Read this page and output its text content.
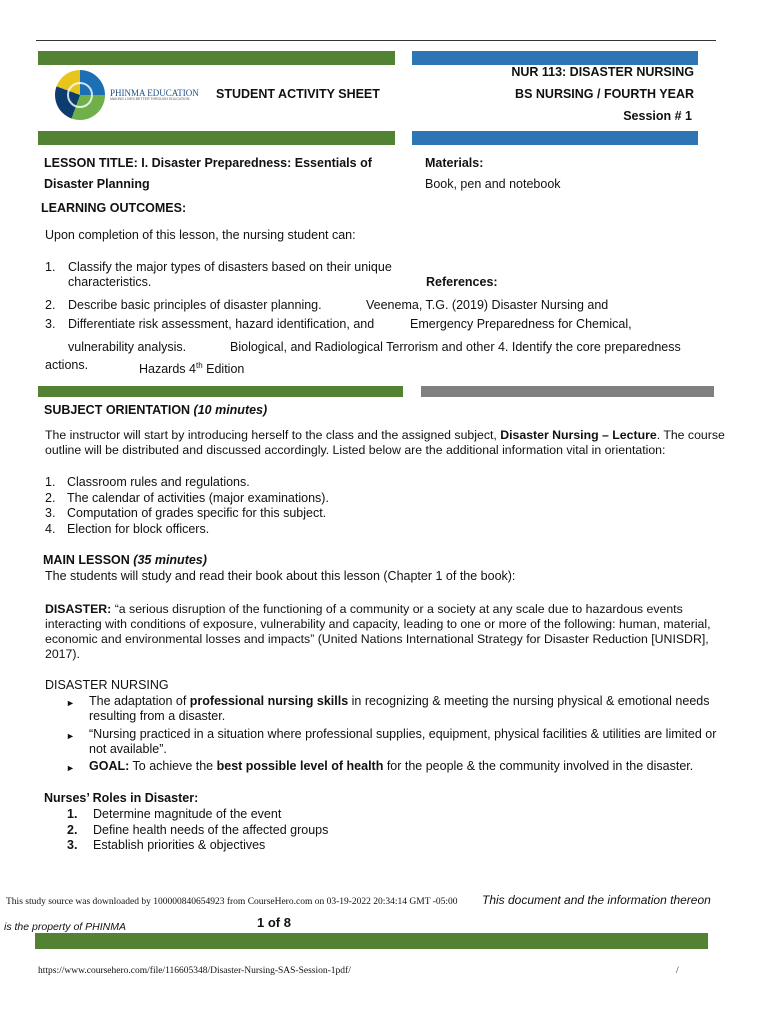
PHINMA EDUCATION
MAKING LIVES BETTER THROUGH EDUCATION STUDENT ACTIVITY SHEET
NUR 113: DISASTER NURSING
BS NURSING / FOURTH YEAR
Session # 1
LESSON TITLE: I. Disaster Preparedness: Essentials of
Disaster Planning
Materials:
Book, pen and notebook
LEARNING OUTCOMES:
Upon completion of this lesson, the nursing student can:
1. Classify the major types of disasters based on their unique
characteristics.	References:
2. Describe basic principles of disaster planning.	Veenema, T.G. (2019) Disaster Nursing and
3. Differentiate risk assessment, hazard identification, and	Emergency Preparedness for Chemical,
vulnerability analysis.	Biological, and Radiological Terrorism and other 4. Identify the core preparedness
actions.	Hazards 4th Edition
SUBJECT ORIENTATION (10 minutes)
The instructor will start by introducing herself to the class and the assigned subject, Disaster Nursing – Lecture. The course outline will be distributed and discussed accordingly. Listed below are the additional information vital in orientation:
1. Classroom rules and regulations.
2. The calendar of activities (major examinations).
3. Computation of grades specific for this subject.
4. Election for block officers.
MAIN LESSON (35 minutes)
The students will study and read their book about this lesson (Chapter 1 of the book):
DISASTER: “a serious disruption of the functioning of a community or a society at any scale due to hazardous events interacting with conditions of exposure, vulnerability and capacity, leading to one or more of the following: human, material, economic and environmental losses and impacts” (United Nations International Strategy for Disaster Reduction [UNISDR], 2017).
DISASTER NURSING
► The adaptation of professional nursing skills in recognizing & meeting the nursing physical & emotional needs resulting from a disaster.
► “Nursing practiced in a situation where professional supplies, equipment, physical facilities & utilities are limited or not available”.
► GOAL: To achieve the best possible level of health for the people & the community involved in the disaster.
Nurses’ Roles in Disaster:
1. Determine magnitude of the event
2. Define health needs of the affected groups
3. Establish priorities & objectives
This study source was downloaded by 100000840654923 from CourseHero.com on 03-19-2022 20:34:14 GMT -05:00 This document and the information thereon
is the property of PHINMA	1 of 8
https://www.coursehero.com/file/116605348/Disaster-Nursing-SAS-Session-1pdf/	/
